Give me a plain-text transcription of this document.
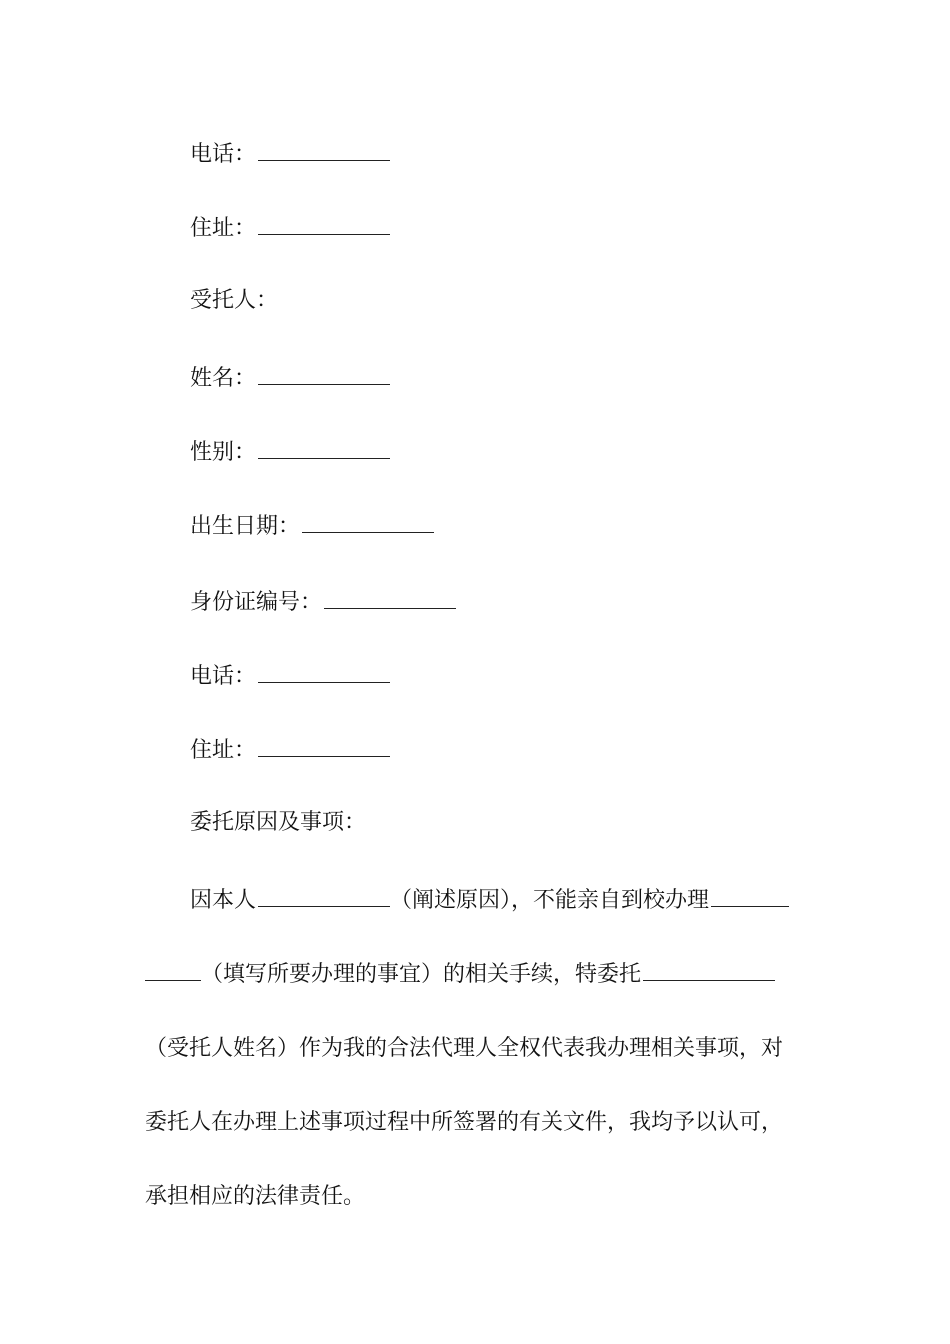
电话：
住址：
受托人：
姓名：
性别：
出生日期：
身份证编号：
电话：
住址：
委托原因及事项：
因本人	（阐述原因），不能亲自到校办理
（填写所要办理的事宜）的相关手续，特委托
（受托人姓名）作为我的合法代理人全权代表我办理相关事项，对
委托人在办理上述事项过程中所签署的有关文件，我均予以认可，
承担相应的法律责任。
